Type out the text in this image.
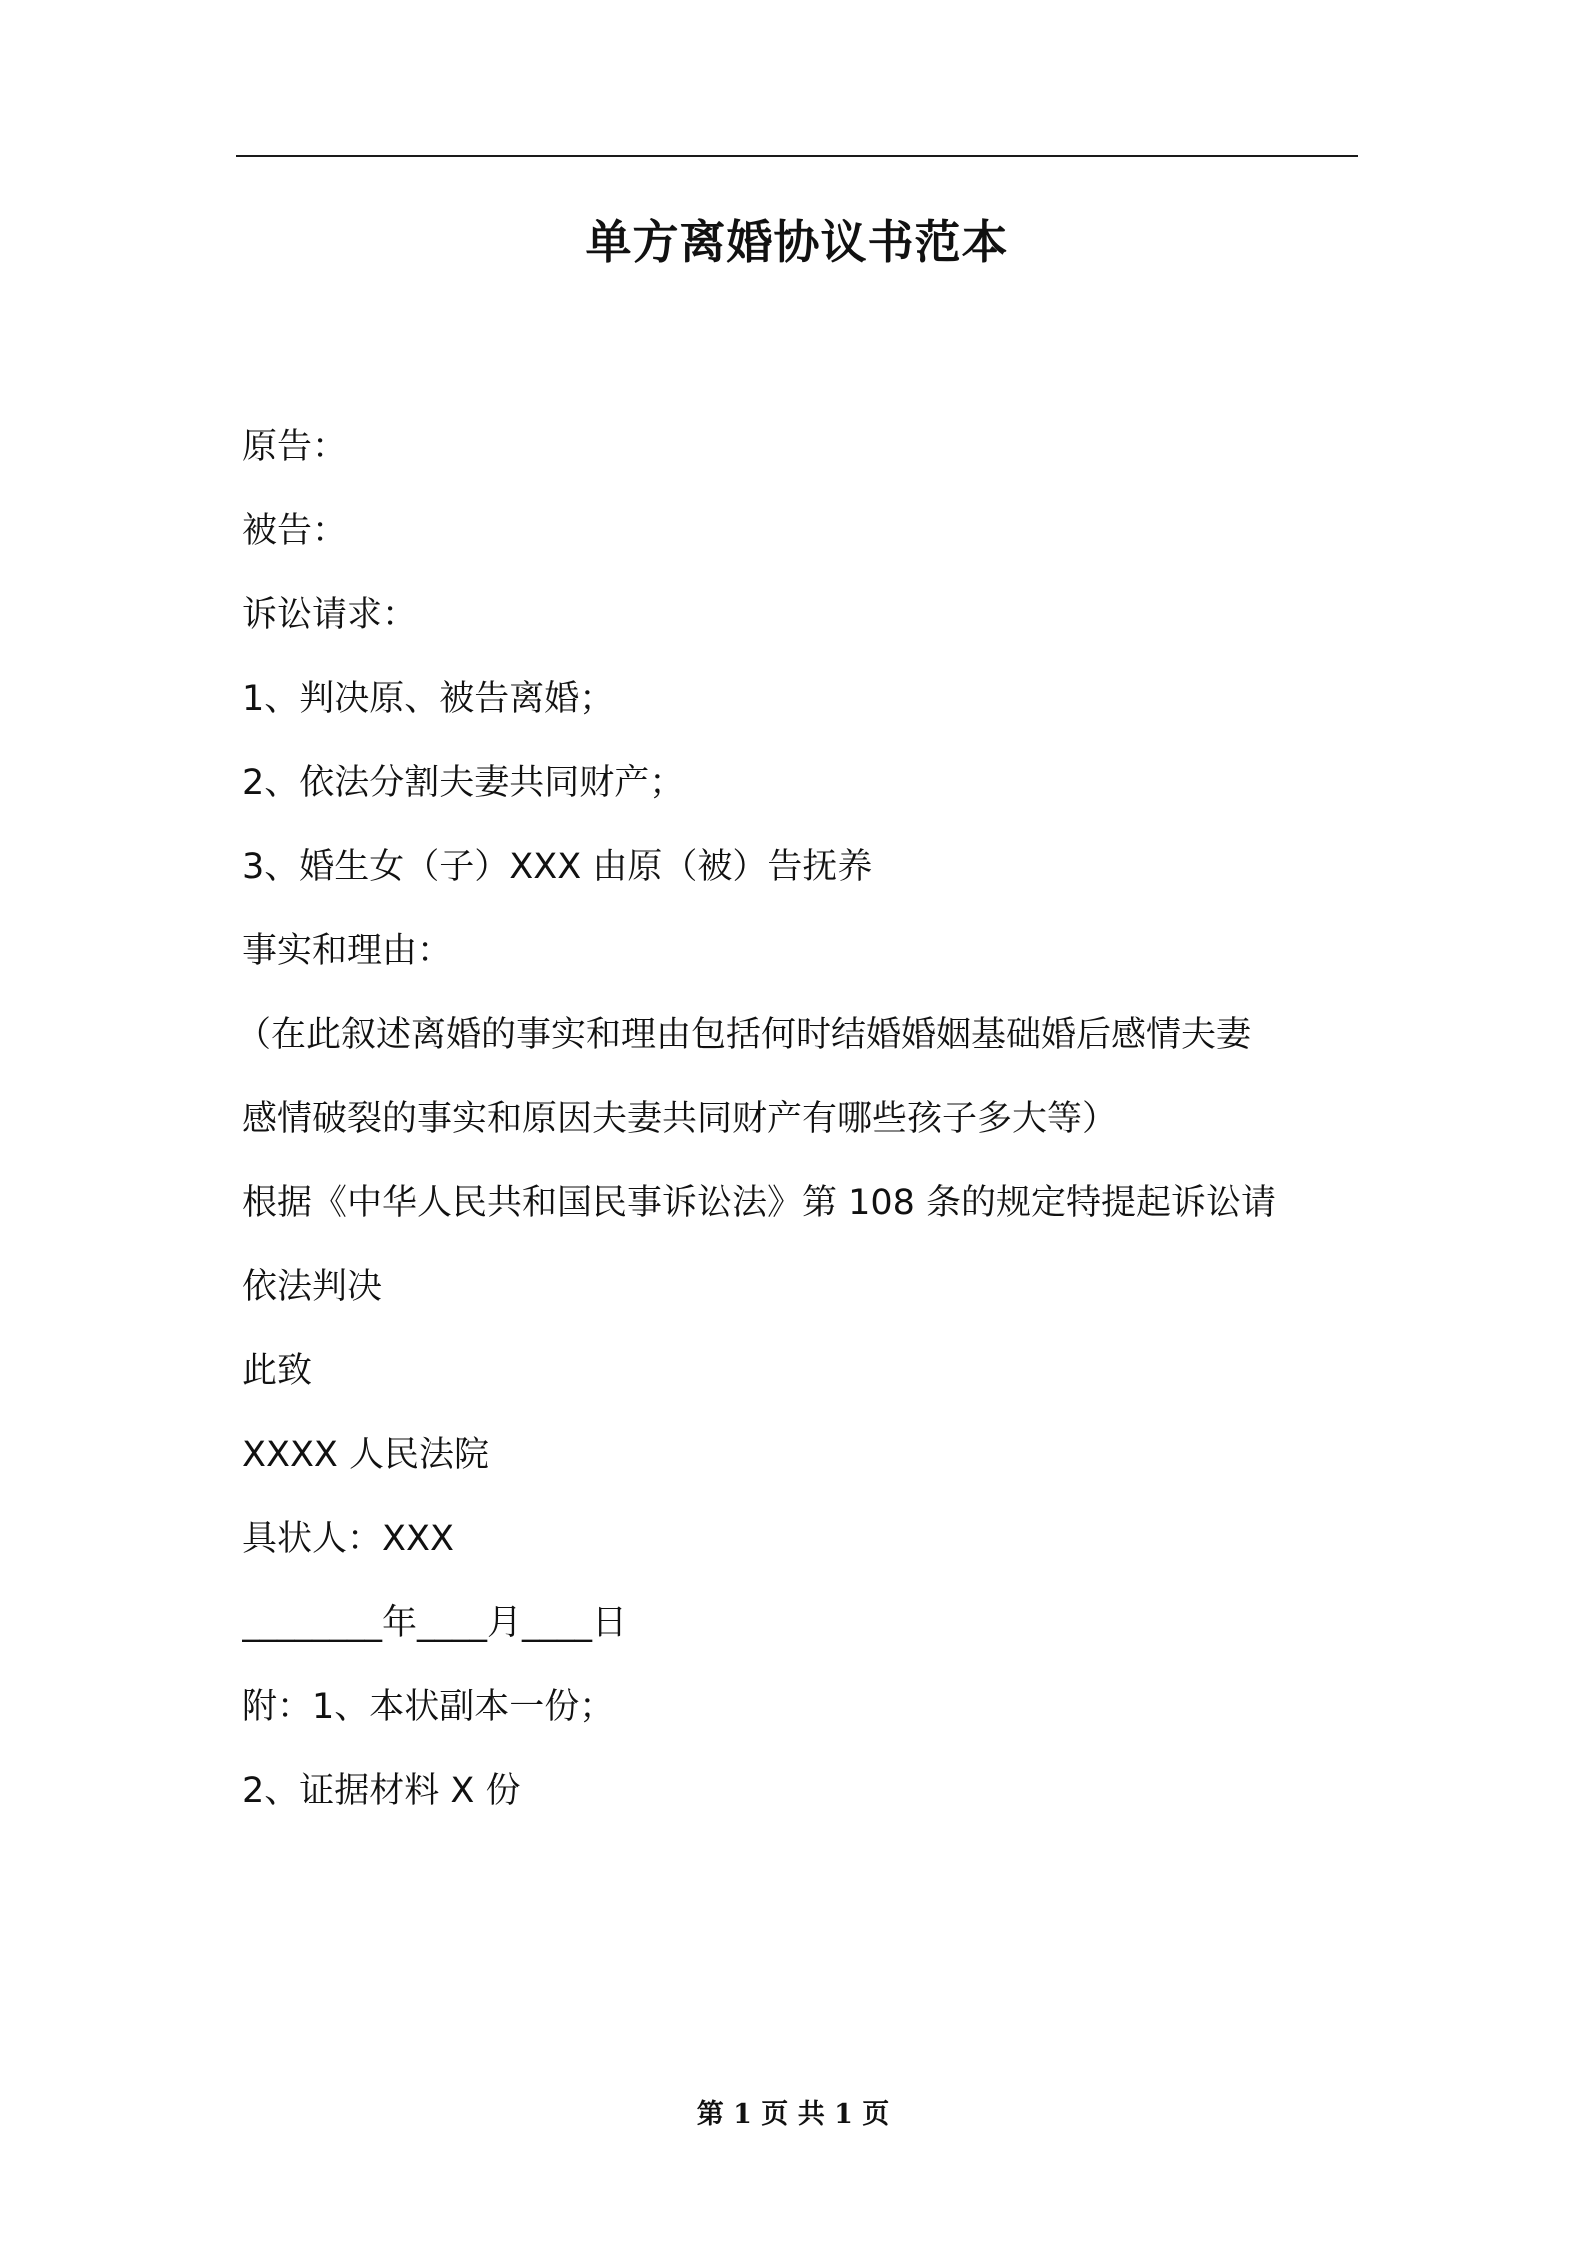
单方离婚协议书范本
原告：
被告：
诉讼请求：
1、判决原、被告离婚；
2、依法分割夫妻共同财产；
3、婚生女（子）XXX 由原（被）告抚养
事实和理由：
（在此叙述离婚的事实和理由包括何时结婚婚姻基础婚后感情夫妻
感情破裂的事实和原因夫妻共同财产有哪些孩子多大等）
根据《中华人民共和国民事诉讼法》第 108 条的规定特提起诉讼请
依法判决
此致
XXXX 人民法院
具状人：XXX
________年____月____日
附：1、本状副本一份；
2、证据材料 X 份
第 1 页 共 1 页
